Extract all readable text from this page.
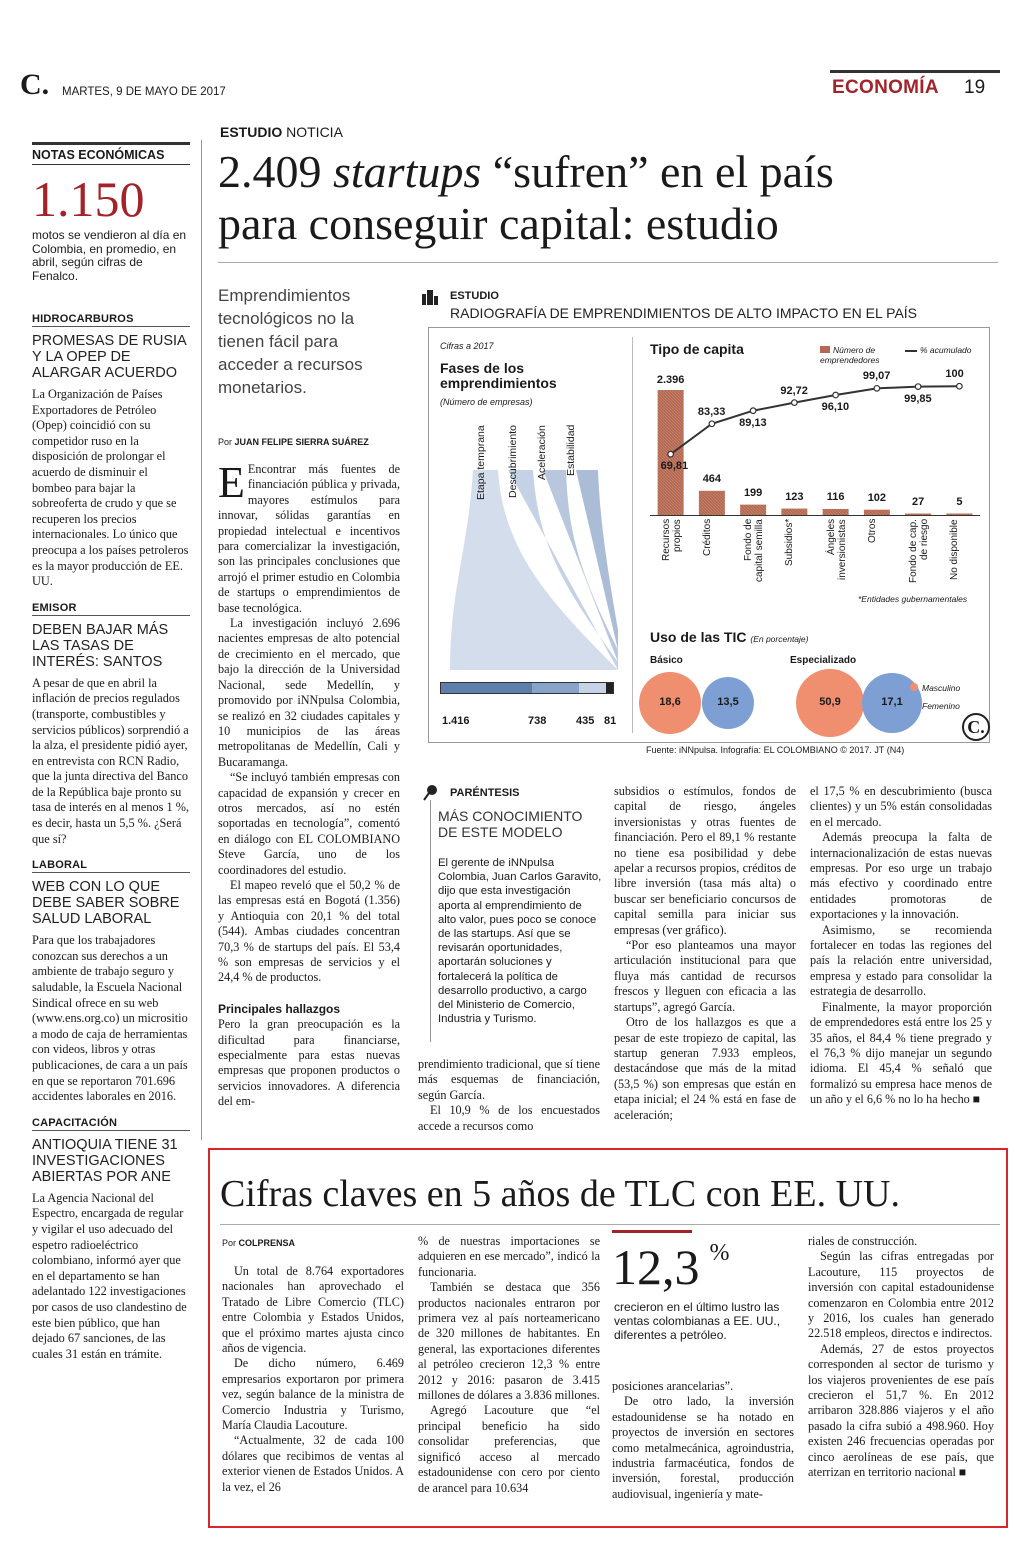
C. MARTES, 9 DE MAYO DE 2017	ECONOMÍA 19
NOTAS ECONÓMICAS
1.150
motos se vendieron al día en Colombia, en promedio, en abril, según cifras de Fenalco.
HIDROCARBUROS
PROMESAS DE RUSIA Y LA OPEP DE ALARGAR ACUERDO
La Organización de Países Exportadores de Petróleo (Opep) coincidió con su competidor ruso en la disposición de prolongar el acuerdo de disminuir el bombeo para bajar la sobreoferta de crudo y que se recuperen los precios internacionales. Lo único que preocupa a los países petroleros es la mayor producción de EE. UU.
EMISOR
DEBEN BAJAR MÁS LAS TASAS DE INTERÉS: SANTOS
A pesar de que en abril la inflación de precios regulados (transporte, combustibles y servicios públicos) sorprendió a la alza, el presidente pidió ayer, en entrevista con RCN Radio, que la junta directiva del Banco de la República baje pronto su tasa de interés en al menos 1 %, es decir, hasta un 5,5 %. ¿Será que sí?
LABORAL
WEB CON LO QUE DEBE SABER SOBRE SALUD LABORAL
Para que los trabajadores conozcan sus derechos a un ambiente de trabajo seguro y saludable, la Escuela Nacional Sindical ofrece en su web (www.ens.org.co) un micrositio a modo de caja de herramientas con videos, libros y otras publicaciones, de cara a un país en que se reportaron 701.696 accidentes laborales en 2016.
CAPACITACIÓN
ANTIOQUIA TIENE 31 INVESTIGACIONES ABIERTAS POR ANE
La Agencia Nacional del Espectro, encargada de regular y vigilar el uso adecuado del espetro radioeléctrico colombiano, informó ayer que en el departamento se han adelantado 122 investigaciones por casos de uso clandestino de este bien público, que han dejado 67 sanciones, de las cuales 31 están en trámite.
ESTUDIO NOTICIA
2.409 startups “sufren” en el país
para conseguir capital: estudio
Emprendimientos tecnológicos no la tienen fácil para acceder a recursos monetarios.
Por JUAN FELIPE SIERRA SUÁREZ

E Encontrar más fuentes de financiación pública y privada, mayores estímulos para innovar, sólidas garantías en propiedad intelectual e incentivos para comercializar la investigación, son las principales conclusiones que arrojó el primer estudio en Colombia de startups o emprendimientos de base tecnológica.

La investigación incluyó 2.696 nacientes empresas de alto potencial de crecimiento en el mercado, que bajo la dirección de la Universidad Nacional, sede Medellín, y promovido por iNNpulsa Colombia, se realizó en 32 ciudades capitales y 10 municipios de las áreas metropolitanas de Medellín, Cali y Bucaramanga.

“Se incluyó también empresas con capacidad de expansión y crecer en otros mercados, así no estén soportadas en tecnología”, comentó en diálogo con EL COLOMBIANO Steve García, uno de los coordinadores del estudio.

El mapeo reveló que el 50,2 % de las empresas está en Bogotá (1.356) y Antioquia con 20,1 % del total (544). Ambas ciudades concentran 70,3 % de startups del país. El 53,4 % son empresas de servicios y el 24,4 % de productos.

Principales hallazgos

Pero la gran preocupación es la dificultad para financiarse, especialmente para estas nuevas empresas que proponen productos o servicios innovadores. A diferencia del em-

ESTUDIO
RADIOGRAFÍA DE EMPRENDIMIENTOS DE ALTO IMPACTO EN EL PAÍS
Cifras a 2017
Fases de los emprendimientos
(Número de empresas)
Etapa temprana Descubrimiento Aceleración Estabilidad
1.416	738	435 81
Tipo de capita	Número de emprendedores
% acumulado
2.396
464
199	123	116	102	27	5
69,81
83,33
89,13
92,72
96,10
99,07
99,85
100
Recursos propios Créditos	Fondo de capital semilla Subsidios*	Ángeles inversionistas Otros	Fondo de cap. de riesgo No disponible
*Entidades gubernamentales
Uso de las TIC (En porcentaje)
Básico	Especializado
18,6	13,5	50,9	17,1
Masculino
Femenino
C.
Fuente: iNNpulsa. Infografía: EL COLOMBIANO © 2017. JT (N4)
PARÉNTESIS
MÁS CONOCIMIENTO DE ESTE MODELO
El gerente de iNNpulsa Colombia, Juan Carlos Garavito, dijo que esta investigación aporta al emprendimiento de alto valor, pues poco se conoce de las startups. Así que se revisarán oportunidades, aportarán soluciones y fortalecerá la política de desarrollo productivo, a cargo del Ministerio de Comercio, Industria y Turismo.

prendimiento tradicional, que sí tiene más esquemas de financiación, según García.

El 10,9 % de los encuestados accede a recursos como

subsidios o estímulos, fondos de capital de riesgo, ángeles inversionistas y otras fuentes de financiación. Pero el 89,1 % restante no tiene esa posibilidad y debe apelar a recursos propios, créditos de libre inversión (tasa más alta) o buscar ser beneficiario concursos de capital semilla para iniciar sus empresas (ver gráfico).

“Por eso planteamos una mayor articulación institucional para que fluya más cantidad de recursos frescos y lleguen con eficacia a las startups”, agregó García.

Otro de los hallazgos es que a pesar de este tropiezo de capital, las startup generan 7.933 empleos, destacándose que más de la mitad (53,5 %) son empresas que están en etapa inicial; el 24 % está en fase de aceleración;

el 17,5 % en descubrimiento (busca clientes) y un 5% están consolidadas en el mercado.

Además preocupa la falta de internacionalización de estas nuevas empresas. Por eso urge un trabajo más efectivo y coordinado entre entidades promotoras de exportaciones y la innovación.

Asimismo, se recomienda fortalecer en todas las regiones del país la relación entre universidad, empresa y estado para consolidar la estrategia de desarrollo.

Finalmente, la mayor proporción de emprendedores está entre los 25 y 35 años, el 84,4 % tiene pregrado y el 76,3 % dijo manejar un segundo idioma. El 45,4 % señaló que formalizó su empresa hace menos de un año y el 6,6 % no lo ha hecho ■

Cifras claves en 5 años de TLC con EE. UU.
Por COLPRENSA

Un total de 8.764 exportadores nacionales han aprovechado el Tratado de Libre Comercio (TLC) entre Colombia y Estados Unidos, que el próximo martes ajusta cinco años de vigencia.

De dicho número, 6.469 empresarios exportaron por primera vez, según balance de la ministra de Comercio Industria y Turismo, María Claudia Lacouture.

“Actualmente, 32 de cada 100 dólares que recibimos de ventas al exterior vienen de Estados Unidos. A la vez, el 26

% de nuestras importaciones se adquieren en ese mercado”, indicó la funcionaria.

También se destaca que 356 productos nacionales entraron por primera vez al país norteamericano de 320 millones de habitantes. En general, las exportaciones diferentes al petróleo crecieron 12,3 % entre 2012 y 2016: pasaron de 3.415 millones de dólares a 3.836 millones.

Agregó Lacouture que “el principal beneficio ha sido consolidar preferencias, que significó acceso al mercado estadounidense con cero por ciento de arancel para 10.634

12,3 %
crecieron en el último lustro las ventas colombianas a EE. UU., diferentes a petróleo.

posiciones arancelarias”.

De otro lado, la inversión estadounidense se ha notado en proyectos de inversión en sectores como metalmecánica, agroindustria, industria farmacéutica, fondos de inversión, forestal, producción audiovisual, ingeniería y mate-

riales de construcción.

Según las cifras entregadas por Lacouture, 115 proyectos de inversión con capital estadounidense comenzaron en Colombia entre 2012 y 2016, los cuales han generado 22.518 empleos, directos e indirectos.

Además, 27 de estos proyectos corresponden al sector de turismo y los viajeros provenientes de ese país crecieron el 51,7 %. En 2012 arribaron 328.886 viajeros y el año pasado la cifra subió a 498.960. Hoy existen 246 frecuencias operadas por cinco aerolíneas de ese país, que aterrizan en territorio nacional ■
